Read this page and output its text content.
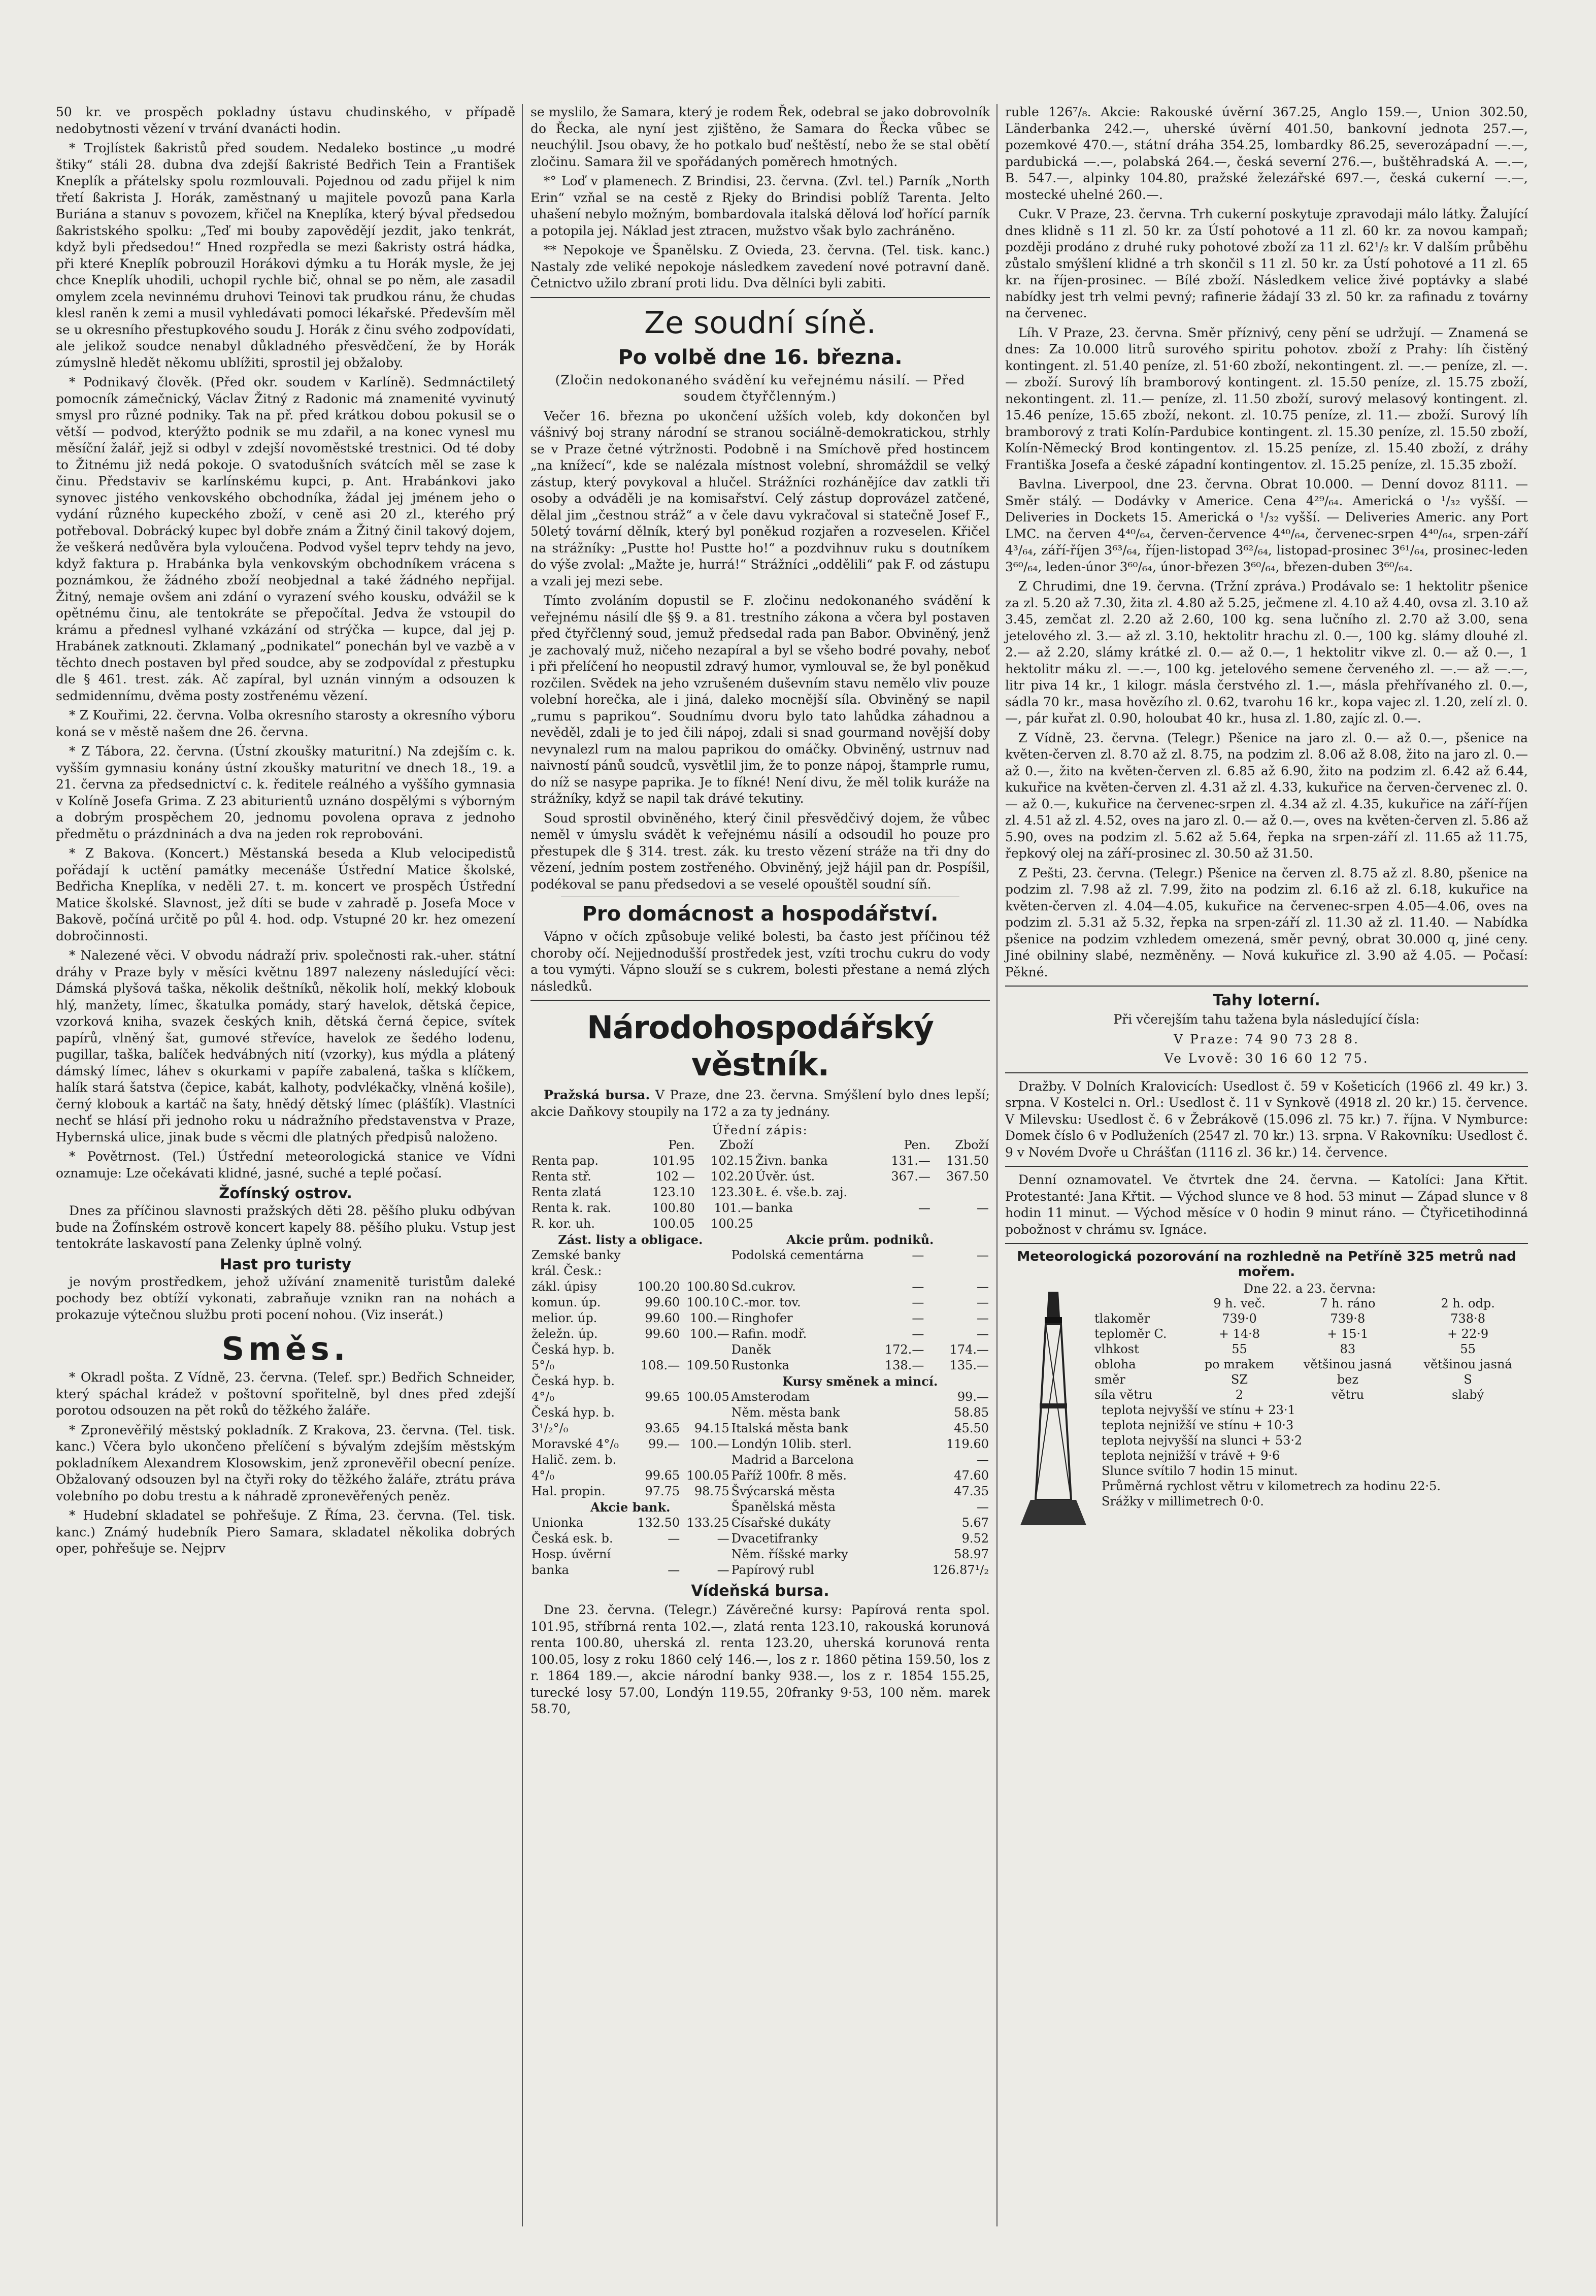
50 kr. ve prospěch pokladny ústavu chudinského, v případě nedobytnosti vězení v trvání dvanácti hodin.

* Trojlístek ßakristů před soudem. Nedaleko bostince „u modré štiky“ stáli 28. dubna dva zdejší ßakristé Bedřich Tein a František Kneplík a přátelsky spolu rozmlouvali. Pojednou od zadu přijel k nim třetí ßakrista J. Horák, zaměstnaný u majitele povozů pana Karla Buriána a stanuv s povozem, křičel na Kneplíka, který býval předsedou ßakristského spolku: „Teď mi bouby zapovědějí jezdit, jako tenkrát, když byli předsedou!“ Hned rozpředla se mezi ßakristy ostrá hádka, při které Kneplík pobrouzil Horákovi dýmku a tu Horák mysle, že jej chce Kneplík uhodili, uchopil rychle bič, ohnal se po něm, ale zasadil omylem zcela nevinnému druhovi Teinovi tak prudkou ránu, že chudas klesl raněn k zemi a musil vyhledávati pomoci lékařské. Především měl se u okresního přestupkového soudu J. Horák z činu svého zodpovídati, ale jelikož soudce nenabyl důkladného přesvědčení, že by Horák zúmyslně hledět někomu ublížiti, sprostil jej obžaloby.

* Podnikavý člověk. (Před okr. soudem v Karlíně). Sedmnáctiletý pomocník zámečnický, Václav Žitný z Radonic má znamenité vyvinutý smysl pro různé podniky. Tak na př. před krátkou dobou pokusil se o větší — podvod, kterýžto podnik se mu zdařil, a na konec vynesl mu měsíční žalář, jejž si odbyl v zdejší novoměstské trestnici. Od té doby to Žitnému již nedá pokoje. O svatodušních svátcích měl se zase k činu. Představiv se karlínskému kupci, p. Ant. Hrabánkovi jako synovec jistého venkovského obchodníka, žádal jej jménem jeho o vydání různého kupeckého zboží, v ceně asi 20 zl., kterého prý potřeboval. Dobrácký kupec byl dobře znám a Žitný činil takový dojem, že veškerá nedůvěra byla vyloučena. Podvod vyšel teprv tehdy na jevo, když faktura p. Hrabánka byla venkovským obchodníkem vrácena s poznámkou, že žádného zboží neobjednal a také žádného nepřijal. Žitný, nemaje ovšem ani zdání o vyrazení svého kousku, odvážil se k opětnému činu, ale tentokráte se přepočítal. Jedva že vstoupil do krámu a přednesl vylhané vzkázání od strýčka — kupce, dal jej p. Hrabánek zatknouti. Zklamaný „podnikatel“ ponechán byl ve vazbě a v těchto dnech postaven byl před soudce, aby se zodpovídal z přestupku dle § 461. trest. zák. Ač zapíral, byl uznán vinným a odsouzen k sedmidennímu, dvěma posty zostřenému vězení.

* Z Kouřimi, 22. června. Volba okresního starosty a okresního výboru koná se v městě našem dne 26. června.

* Z Tábora, 22. června. (Ústní zkoušky maturitní.) Na zdejším c. k. vyšším gymnasiu konány ústní zkoušky maturitní ve dnech 18., 19. a 21. června za předsednictví c. k. ředitele reálného a vyššího gymnasia v Kolíně Josefa Grima. Z 23 abiturientů uznáno dospělými s výborným a dobrým prospěchem 20, jednomu povolena oprava z jednoho předmětu o prázdninách a dva na jeden rok reprobováni.

* Z Bakova. (Koncert.) Městanská beseda a Klub velocipedistů pořádají k uctění památky mecenáše Ústřední Matice školské, Bedřicha Kneplíka, v neděli 27. t. m. koncert ve prospěch Ústřední Matice školské. Slavnost, jež díti se bude v zahradě p. Josefa Moce v Bakově, počíná určitě po půl 4. hod. odp. Vstupné 20 kr. hez omezení dobročinnosti.

* Nalezené věci. V obvodu nádraží priv. společnosti rak.-uher. státní dráhy v Praze byly v měsíci květnu 1897 nalezeny následující věci: Dámská plyšová taška, několik deštníků, několik holí, mekký klobouk hlý, manžety, límec, škatulka pomády, starý havelok, dětská čepice, vzorková kniha, svazek českých knih, dětská černá čepice, svítek papírů, vlněný šat, gumové střevíce, havelok ze šedého lodenu, pugillar, taška, balíček hedvábných nití (vzorky), kus mýdla a plátený dámský límec, láhev s okurkami v papíře zabalená, taška s klíčkem, halík stará šatstva (čepice, kabát, kalhoty, podvlékačky, vlněná košile), černý klobouk a kartáč na šaty, hnědý dětský límec (plášťík). Vlastníci nechť se hlásí při jednoho roku u nádražního představenstva v Praze, Hybernská ulice, jinak bude s věcmi dle platných předpisů naloženo.

* Povětrnost. (Tel.) Ústřední meteorologická stanice ve Vídni oznamuje: Lze očekávati klidné, jasné, suché a teplé počasí.

Žofínský ostrov.

Dnes za příčinou slavnosti pražských děti 28. pěšího pluku odbývan bude na Žofínském ostrově koncert kapely 88. pěšího pluku. Vstup jest tentokráte laskavostí pana Zelenky úplně volný.

Hast pro turisty

je novým prostředkem, jehož užívání znamenitě turistům daleké pochody bez obtíží vykonati, zabraňuje vznikn ran na nohách a prokazuje výtečnou službu proti pocení nohou. (Viz inserát.)

Směs.

* Okradl pošta. Z Vídně, 23. června. (Telef. spr.) Bedřich Schneider, který spáchal krádež v poštovní spořitelně, byl dnes před zdejší porotou odsouzen na pět roků do těžkého žaláře.

* Zpronevěřilý městský pokladník. Z Krakova, 23. června. (Tel. tisk. kanc.) Včera bylo ukončeno přelíčení s bývalým zdejším městským pokladníkem Alexandrem Klosowskim, jenž zpronevěřil obecní peníze. Obžalovaný odsouzen byl na čtyři roky do těžkého žaláře, ztrátu práva volebního po dobu trestu a k náhradě zpronevěřených peněz.

* Hudební skladatel se pohřešuje. Z Říma, 23. června. (Tel. tisk. kanc.) Známý hudebník Piero Samara, skladatel několika dobrých oper, pohřešuje se. Nejprv

se myslilo, že Samara, který je rodem Řek, odebral se jako dobrovolník do Řecka, ale nyní jest zjištěno, že Samara do Řecka vůbec se neuchýlil. Jsou obavy, že ho potkalo buď neštěstí, nebo že se stal obětí zločinu. Samara žil ve spořádaných poměrech hmotných.

*° Loď v plamenech. Z Brindisi, 23. června. (Zvl. tel.) Parník „North Erin“ vzňal se na cestě z Rjeky do Brindisi poblíž Tarenta. Jelto uhašení nebylo možným, bombardovala italská dělová loď hořící parník a potopila jej. Náklad jest ztracen, mužstvo však bylo zachráněno.

** Nepokoje ve Španělsku. Z Ovieda, 23. června. (Tel. tisk. kanc.) Nastaly zde veliké nepokoje následkem zavedení nové potravní daně. Četnictvo užilo zbraní proti lidu. Dva dělníci byli zabiti.

Ze soudní síně.
Po volbě dne 16. března.

(Zločin nedokonaného svádění ku veřejnému násilí. — Před soudem čtyřčlenným.)

Večer 16. března po ukončení užších voleb, kdy dokončen byl vášnivý boj strany národní se stranou sociálně-demokratickou, strhly se v Praze četné výtržnosti. Podobně i na Smíchově před hostincem „na knížecí“, kde se nalézala místnost volební, shromáždil se velký zástup, který povykoval a hlučel. Strážníci rozhánějíce dav zatkli tři osoby a odváděli je na komisařství. Celý zástup doprovázel zatčené, dělal jim „čestnou stráž“ a v čele davu vykračoval si statečně Josef F., 50letý tovární dělník, který byl poněkud rozjařen a rozveselen. Křičel na strážníky: „Pustte ho! Pustte ho!“ a pozdvihnuv ruku s doutníkem do výše zvolal: „Mažte je, hurrá!“ Strážníci „oddělili“ pak F. od zástupu a vzali jej mezi sebe.

Tímto zvoláním dopustil se F. zločinu nedokonaného svádění k veřejnému násilí dle §§ 9. a 81. trestního zákona a včera byl postaven před čtyřčlenný soud, jemuž předsedal rada pan Babor. Obviněný, jenž je zachovalý muž, ničeho nezapíral a byl se všeho bodré povahy, neboť i při přelíčení ho neopustil zdravý humor, vymlouval se, že byl poněkud rozčilen. Svědek na jeho vzrušeném duševním stavu nemělo vliv pouze volební horečka, ale i jiná, daleko mocnější síla. Obviněný se napil „rumu s paprikou“. Soudnímu dvoru bylo tato lahůdka záhadnou a nevěděl, zdali je to jed čili nápoj, zdali si snad gourmand novější doby nevynalezl rum na malou paprikou do omáčky. Obviněný, ustrnuv nad naivností pánů soudců, vysvětlil jim, že to ponze nápoj, štamprle rumu, do níž se nasype paprika. Je to fíkné! Není divu, že měl tolik kuráže na strážníky, když se napil tak drávé tekutiny.

Soud sprostil obviněného, který činil přesvědčivý dojem, že vůbec neměl v úmyslu svádět k veřejnému násilí a odsoudil ho pouze pro přestupek dle § 314. trest. zák. ku tresto vězení stráže na tři dny do vězení, jedním postem zostřeného. Obviněný, jejž hájil pan dr. Pospíšil, podékoval se panu předsedovi a se veselé opouštěl soudní síň.

Pro domácnost a hospodářství.

Vápno v očích způsobuje veliké bolesti, ba často jest příčinou též choroby očí. Nejjednodušší prostředek jest, vzíti trochu cukru do vody a tou vymýti. Vápno slouží se s cukrem, bolesti přestane a nemá zlých následků.

Národohospodářský věstník.

Pražská bursa. V Praze, dne 23. června. Smýšlení bylo dnes lepší; akcie Daňkovy stoupily na 172 a za ty jednány.

Úřední zápis:
	Pen.	Zboží		Pen.	Zboží
Renta pap.	101.95	102.15	Živn. banka	131.—	131.50
Renta stř.	102 —	102.20	Úvěr. úst.	367.—	367.50
Renta zlatá	123.10	123.30	Ł. é. vše.b. zaj.		
Renta k. rak.	100.80	101.—	banka	—	—
R. kor. uh.	100.05	100.25			
Zást. listy a obligace.			Akcie prům. podniků.		
Zemské banky			Podolská cementárna	—	—
král. Česk.:					
zákl. úpisy	100.20	100.80	Sd.cukrov.	—	—
komun. úp.	99.60	100.10	C.-mor. tov.	—	—
melior. úp.	99.60	100.—	Ringhofer	—	—
želežn. úp.	99.60	100.—	Rafin. modř.	—	—
Česká hyp. b.			Daněk	172.—	174.—
5°/₀	108.—	109.50	Rustonka	138.—	135.—
Česká hyp. b.			Kursy směnek a mincí.		
4°/₀	99.65	100.05	Amsterodam		99.—
Česká hyp. b.			Něm. města bank		58.85
3¹/₂°/₀	93.65	94.15	Italská města bank		45.50
Moravské 4°/₀	99.—	100.—	Londýn 10lib. sterl.		119.60
Halič. zem. b.			Madrid a Barcelona		—
4°/₀	99.65	100.05	Paříž 100fr. 8 měs.		47.60
Hal. propin.	97.75	98.75	Švýcarská města		47.35
Akcie bank.			Španělská města		—
Unionka	132.50	133.25	Císařské dukáty		5.67
Česká esk. b.	—	—	Dvacetifranky		9.52
Hosp. úvěrní			Něm. říšské marky		58.97
banka	—	—	Papírový rubl		126.87¹/₂
Vídeňská bursa.

Dne 23. června. (Telegr.) Závěrečné kursy: Papírová renta spol. 101.95, stříbrná renta 102.—, zlatá renta 123.10, rakouská korunová renta 100.80, uherská zl. renta 123.20, uherská korunová renta 100.05, losy z roku 1860 celý 146.—, los z r. 1860 pětina 159.50, los z r. 1864 189.—, akcie národní banky 938.—, los z r. 1854 155.25, turecké losy 57.00, Londýn 119.55, 20franky 9·53, 100 něm. marek 58.70,

ruble 126⁷/₈. Akcie: Rakouské úvěrní 367.25, Anglo 159.—, Union 302.50, Länderbanka 242.—, uherské úvěrní 401.50, bankovní jednota 257.—, pozemkové 470.—, státní dráha 354.25, lombardky 86.25, severozápadní —.—, pardubická —.—, polabská 264.—, česká severní 276.—, buštěhradská A. —.—, B. 547.—, alpinky 104.80, pražské železářské 697.—, česká cukerní —.—, mostecké uhelné 260.—.

Cukr. V Praze, 23. června. Trh cukerní poskytuje zpravodaji málo látky. Žalující dnes klidně s 11 zl. 50 kr. za Ústí pohotové a 11 zl. 60 kr. za novou kampaň; později prodáno z druhé ruky pohotové zboží za 11 zl. 62¹/₂ kr. V dalším průběhu zůstalo smýšlení klidné a trh skončil s 11 zl. 50 kr. za Ústí pohotové a 11 zl. 65 kr. na říjen-prosinec. — Bílé zboží. Následkem velice živé poptávky a slabé nabídky jest trh velmi pevný; rafinerie žádají 33 zl. 50 kr. za rafinadu z továrny na červenec.

Líh. V Praze, 23. června. Směr příznivý, ceny pění se udržují. — Znamená se dnes: Za 10.000 litrů surového spiritu pohotov. zboží z Prahy: líh čistěný kontingent. zl. 51.40 peníze, zl. 51·60 zboží, nekontingent. zl. —.— peníze, zl. —.— zboží. Surový líh bramborový kontingent. zl. 15.50 peníze, zl. 15.75 zboží, nekontingent. zl. 11.— peníze, zl. 11.50 zboží, surový melasový kontingent. zl. 15.46 peníze, 15.65 zboží, nekont. zl. 10.75 peníze, zl. 11.— zboží. Surový líh bramborový z trati Kolín-Pardubice kontingent. zl. 15.30 peníze, zl. 15.50 zboží, Kolín-Německý Brod kontingentov. zl. 15.25 peníze, zl. 15.40 zboží, z dráhy Františka Josefa a české západní kontingentov. zl. 15.25 peníze, zl. 15.35 zboží.

Bavlna. Liverpool, dne 23. června. Obrat 10.000. — Denní dovoz 8111. — Směr stálý. — Dodávky v Americe. Cena 4²⁹/₆₄. Americká o ¹/₃₂ vyšší. — Deliveries in Dockets 15. Americká o ¹/₃₂ vyšší. — Deliveries Americ. any Port LMC. na červen 4⁴⁰/₆₄, červen-července 4⁴⁰/₆₄, červenec-srpen 4⁴⁰/₆₄, srpen-září 4³/₆₄, září-říjen 3⁶³/₆₄, říjen-listopad 3⁶²/₆₄, listopad-prosinec 3⁶¹/₆₄, prosinec-leden 3⁶⁰/₆₄, leden-únor 3⁶⁰/₆₄, únor-březen 3⁶⁰/₆₄, březen-duben 3⁶⁰/₆₄.

Z Chrudimi, dne 19. června. (Tržní zpráva.) Prodávalo se: 1 hektolitr pšenice za zl. 5.20 až 7.30, žita zl. 4.80 až 5.25, ječmene zl. 4.10 až 4.40, ovsa zl. 3.10 až 3.45, zemčat zl. 2.20 až 2.60, 100 kg. sena lučního zl. 2.70 až 3.00, sena jetelového zl. 3.— až zl. 3.10, hektolitr hrachu zl. 0.—, 100 kg. slámy dlouhé zl. 2.— až 2.20, slámy krátké zl. 0.— až 0.—, 1 hektolitr vikve zl. 0.— až 0.—, 1 hektolitr máku zl. —.—, 100 kg. jetelového semene červeného zl. —.— až —.—, litr piva 14 kr., 1 kilogr. másla čerstvého zl. 1.—, másla přehřívaného zl. 0.—, sádla 70 kr., masa hovězího zl. 0.62, tvarohu 16 kr., kopa vajec zl. 1.20, zelí zl. 0.—, pár kuřat zl. 0.90, holoubat 40 kr., husa zl. 1.80, zajíc zl. 0.—.

Z Vídně, 23. června. (Telegr.) Pšenice na jaro zl. 0.— až 0.—, pšenice na květen-červen zl. 8.70 až zl. 8.75, na podzim zl. 8.06 až 8.08, žito na jaro zl. 0.— až 0.—, žito na květen-červen zl. 6.85 až 6.90, žito na podzim zl. 6.42 až 6.44, kukuřice na květen-červen zl. 4.31 až zl. 4.33, kukuřice na červen-červenec zl. 0.— až 0.—, kukuřice na červenec-srpen zl. 4.34 až zl. 4.35, kukuřice na září-říjen zl. 4.51 až zl. 4.52, oves na jaro zl. 0.— až 0.—, oves na květen-červen zl. 5.86 až 5.90, oves na podzim zl. 5.62 až 5.64, řepka na srpen-září zl. 11.65 až 11.75, řepkový olej na září-prosinec zl. 30.50 až 31.50.

Z Pešti, 23. června. (Telegr.) Pšenice na červen zl. 8.75 až zl. 8.80, pšenice na podzim zl. 7.98 až zl. 7.99, žito na podzim zl. 6.16 až zl. 6.18, kukuřice na květen-červen zl. 4.04—4.05, kukuřice na červenec-srpen 4.05—4.06, oves na podzim zl. 5.31 až 5.32, řepka na srpen-září zl. 11.30 až zl. 11.40. — Nabídka pšenice na podzim vzhledem omezená, směr pevný, obrat 30.000 q, jiné ceny. Jiné obilniny slabé, nezměněny. — Nová kukuřice zl. 3.90 až 4.05. — Počasí: Pěkné.

Tahy loterní.

Při včerejším tahu tažena byla následující čísla:

V Praze: 74 90 73 28 8.

Ve Lvově: 30 16 60 12 75.

Dražby. V Dolních Kralovicích: Usedlost č. 59 v Košeticích (1966 zl. 49 kr.) 3. srpna. V Kostelci n. Orl.: Usedlost č. 11 v Synkově (4918 zl. 20 kr.) 15. července. V Milevsku: Usedlost č. 6 v Žebrákově (15.096 zl. 75 kr.) 7. října. V Nymburce: Domek číslo 6 v Podluženích (2547 zl. 70 kr.) 13. srpna. V Rakovníku: Usedlost č. 9 v Novém Dvoře u Chrášťan (1116 zl. 36 kr.) 14. července.

Denní oznamovatel. Ve čtvrtek dne 24. června. — Katolíci: Jana Křtit. Protestanté: Jana Křtit. — Východ slunce ve 8 hod. 53 minut — Západ slunce v 8 hodin 11 minut. — Východ měsíce v 0 hodin 9 minut ráno. — Čtyřicetihodinná pobožnost v chrámu sv. Ignáce.

Meteorologická pozorování na rozhledně na Petříně 325 metrů nad mořem.
Dne 22. a 23. června:
	9 h. več.	7 h. ráno	2 h. odp.
tlakoměr	739·0	739·8	738·8
teploměr C.	+ 14·8	+ 15·1	+ 22·9
vlhkost	55	83	55
obloha	po mrakem	většinou jasná	většinou jasná
směr	SZ	bez	S
síla větru	2	větru	slabý
teplota nejvyšší ve stínu + 23·1
teplota nejnižší ve stínu + 10·3
teplota nejvyšší na slunci + 53·2
teplota nejnižší v trávě + 9·6
Slunce svítilo 7 hodin 15 minut.
Průměrná rychlost větru v kilometrech za hodinu 22·5.
Srážky v millimetrech 0·0.
